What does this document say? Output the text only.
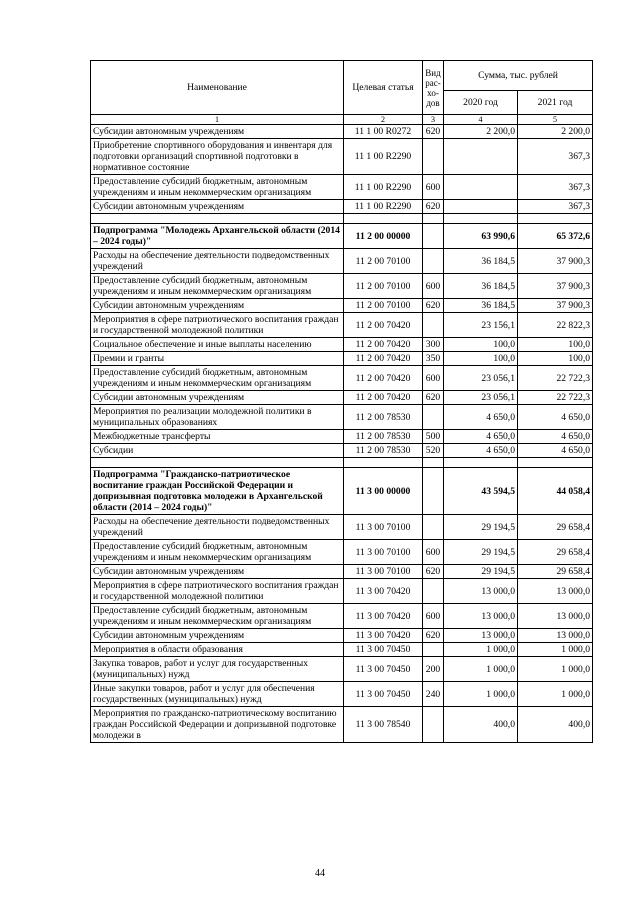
Наименование	Целевая статья	Вид рас-хо-дов	Сумма, тыс. рублей	
			2020 год	2021 год
1	2	3	4	5
Субсидии автономным учреждениям	11 1 00 R0272	620	2 200,0	2 200,0
Приобретение спортивного оборудования и инвентаря для подготовки организаций спортивной подготовки в нормативное состояние	11 1 00 R2290			367,3
Предоставление субсидий бюджетным, автономным учреждениям и иным некоммерческим организациям	11 1 00 R2290	600		367,3
Субсидии автономным учреждениям	11 1 00 R2290	620		367,3

Подпрограмма "Молодежь Архангельской области (2014 – 2024 годы)"	11 2 00 00000		63 990,6	65 372,6
Расходы на обеспечение деятельности подведомственных учреждений	11 2 00 70100		36 184,5	37 900,3
Предоставление субсидий бюджетным, автономным учреждениям и иным некоммерческим организациям	11 2 00 70100	600	36 184,5	37 900,3
Субсидии автономным учреждениям	11 2 00 70100	620	36 184,5	37 900,3
Мероприятия в сфере патриотического воспитания граждан и государственной молодежной политики	11 2 00 70420		23 156,1	22 822,3
Социальное обеспечение и иные выплаты населению	11 2 00 70420	300	100,0	100,0
Премии и гранты	11 2 00 70420	350	100,0	100,0
Предоставление субсидий бюджетным, автономным учреждениям и иным некоммерческим организациям	11 2 00 70420	600	23 056,1	22 722,3
Субсидии автономным учреждениям	11 2 00 70420	620	23 056,1	22 722,3
Мероприятия по реализации молодежной политики в муниципальных образованиях	11 2 00 78530		4 650,0	4 650,0
Межбюджетные трансферты	11 2 00 78530	500	4 650,0	4 650,0
Субсидии	11 2 00 78530	520	4 650,0	4 650,0

Подпрограмма "Гражданско-патриотическое воспитание граждан Российской Федерации и допризывная подготовка молодежи в Архангельской области (2014 – 2024 годы)"	11 3 00 00000		43 594,5	44 058,4
Расходы на обеспечение деятельности подведомственных учреждений	11 3 00 70100		29 194,5	29 658,4
Предоставление субсидий бюджетным, автономным учреждениям и иным некоммерческим организациям	11 3 00 70100	600	29 194,5	29 658,4
Субсидии автономным учреждениям	11 3 00 70100	620	29 194,5	29 658,4
Мероприятия в сфере патриотического воспитания граждан и государственной молодежной политики	11 3 00 70420		13 000,0	13 000,0
Предоставление субсидий бюджетным, автономным учреждениям и иным некоммерческим организациям	11 3 00 70420	600	13 000,0	13 000,0
Субсидии автономным учреждениям	11 3 00 70420	620	13 000,0	13 000,0
Мероприятия в области образования	11 3 00 70450		1 000,0	1 000,0
Закупка товаров, работ и услуг для государственных (муниципальных) нужд	11 3 00 70450	200	1 000,0	1 000,0
Иные закупки товаров, работ и услуг для обеспечения государственных (муниципальных) нужд	11 3 00 70450	240	1 000,0	1 000,0
Мероприятия по гражданско-патриотическому воспитанию граждан Российской Федерации и допризывной подготовке молодежи в	11 3 00 78540		400,0	400,0
44
